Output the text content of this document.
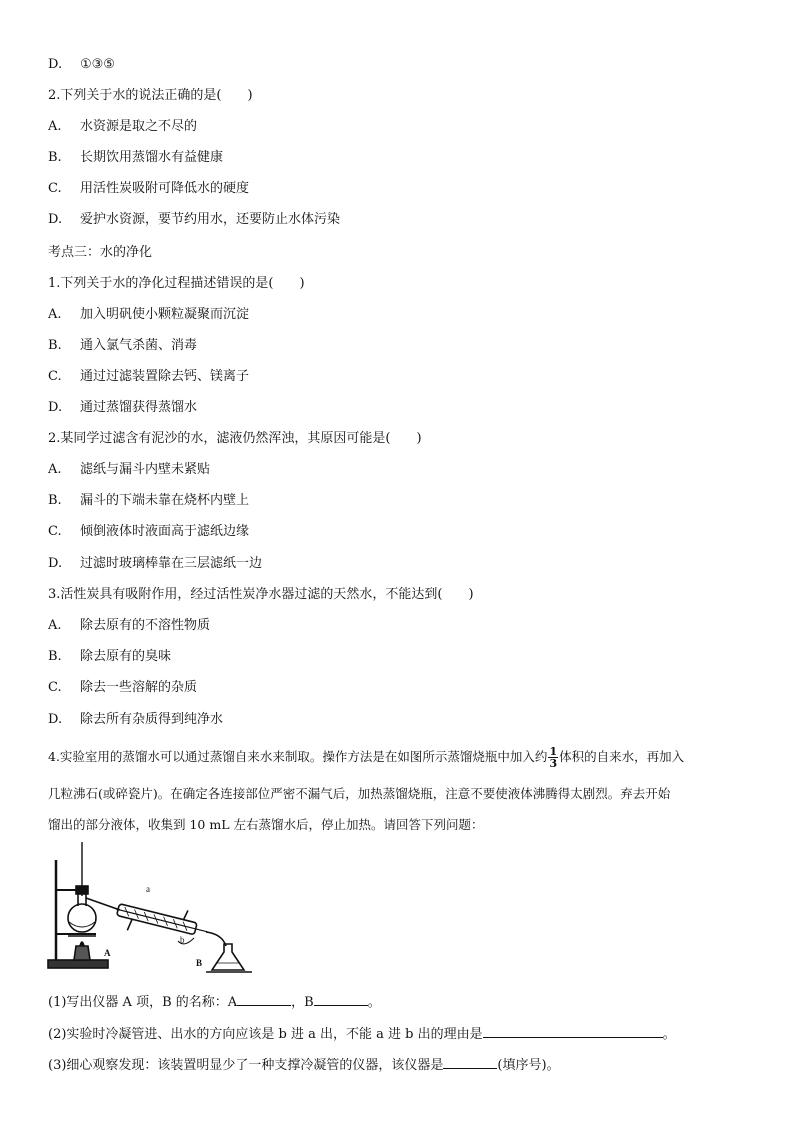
D. ①③⑤
2.下列关于水的说法正确的是(　　)
A. 水资源是取之不尽的
B. 长期饮用蒸馏水有益健康
C. 用活性炭吸附可降低水的硬度
D. 爱护水资源，要节约用水，还要防止水体污染
考点三：水的净化
1.下列关于水的净化过程描述错误的是(　　)
A. 加入明矾使小颗粒凝聚而沉淀
B. 通入氯气杀菌、消毒
C. 通过过滤装置除去钙、镁离子
D. 通过蒸馏获得蒸馏水
2.某同学过滤含有泥沙的水，滤液仍然浑浊，其原因可能是(　　)
A. 滤纸与漏斗内壁未紧贴
B. 漏斗的下端未靠在烧杯内壁上
C. 倾倒液体时液面高于滤纸边缘
D. 过滤时玻璃棒靠在三层滤纸一边
3.活性炭具有吸附作用，经过活性炭净水器过滤的天然水，不能达到(　　)
A. 除去原有的不溶性物质
B. 除去原有的臭味
C. 除去一些溶解的杂质
D. 除去所有杂质得到纯净水
4.实验室用的蒸馏水可以通过蒸馏自来水来制取。操作方法是在如图所示蒸馏烧瓶中加入约 $\frac{1}{3}$ 体积的自来水，再加入
几粒沸石(或碎瓷片)。在确定各连接部位严密不漏气后，加热蒸馏烧瓶，注意不要使液体沸腾得太剧烈。弃去开始
馏出的部分液体，收集到 10 mL 左右蒸馏水后，停止加热。请回答下列问题：
a
b
A
B
(1)写出仪器 A 项，B 的名称：A	，B	。
(2)实验时冷凝管进、出水的方向应该是 b 进 a 出，不能 a 进 b 出的理由是	。
(3)细心观察发现：该装置明显少了一种支撑冷凝管的仪器，该仪器是	(填序号)。
